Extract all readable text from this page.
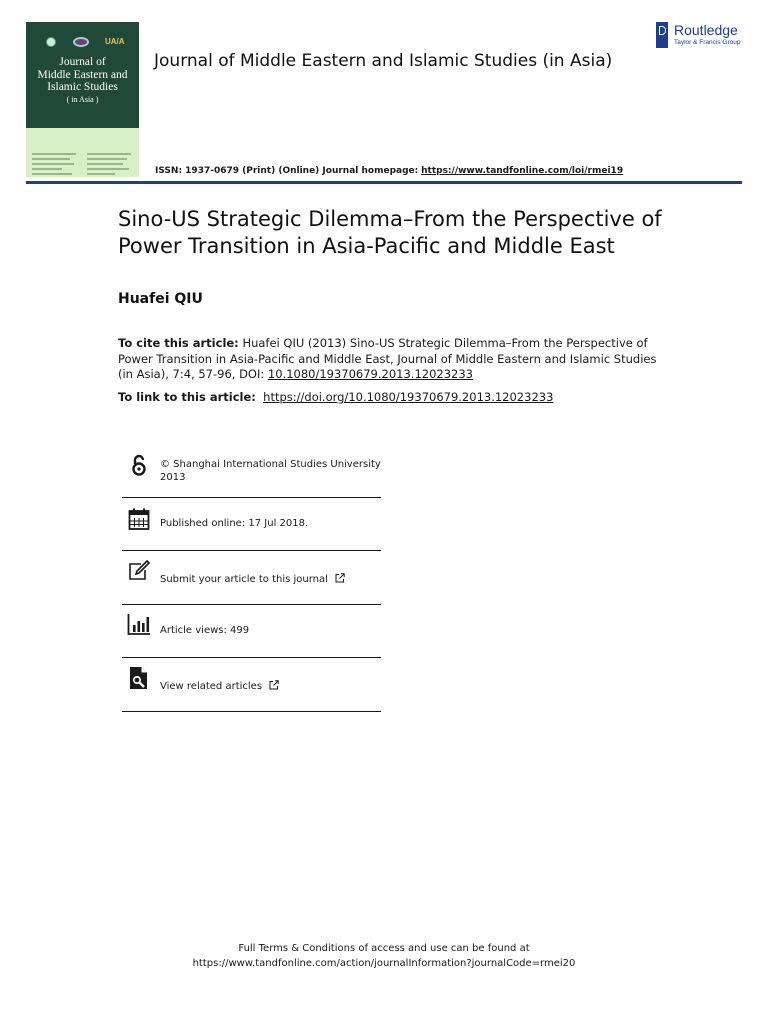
UA/A
Journal of
Middle Eastern and
Islamic Studies
( in Asia )
Journal of Middle Eastern and Islamic Studies (in Asia)
Routledge
Taylor & Francis Group
ISSN: 1937-0679 (Print) (Online) Journal homepage: https://www.tandfonline.com/loi/rmei19
Sino-US Strategic Dilemma–From the Perspective of Power Transition in Asia-Pacific and Middle East
Huafei QIU
To cite this article: Huafei QIU (2013) Sino-US Strategic Dilemma–From the Perspective of Power Transition in Asia-Pacific and Middle East, Journal of Middle Eastern and Islamic Studies (in Asia), 7:4, 57-96, DOI: 10.1080/19370679.2013.12023233
To link to this article: https://doi.org/10.1080/19370679.2013.12023233
© Shanghai International Studies University 2013
Published online: 17 Jul 2018.
Submit your article to this journal
Article views: 499
View related articles
Full Terms & Conditions of access and use can be found at
https://www.tandfonline.com/action/journalInformation?journalCode=rmei20
